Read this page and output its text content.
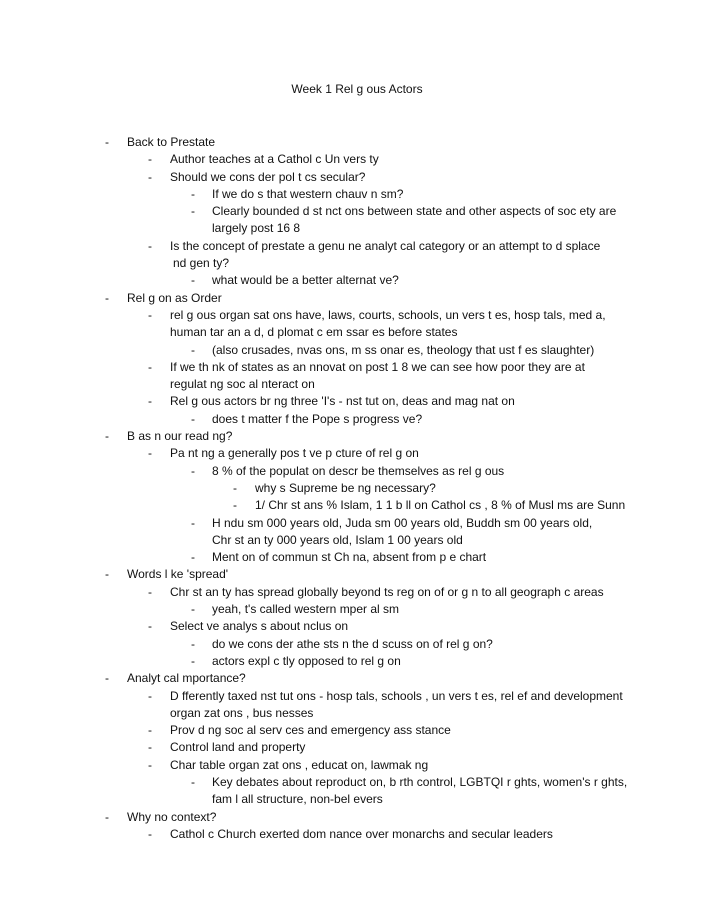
Week 1 Rel g ous Actors
-	Back to Prestate
-	Author teaches at a Cathol c Un vers ty
-	Should we cons der pol t cs secular?
-	If we do s that western chauv n sm?
-	Clearly bounded d st nct ons between state and other aspects of soc ety are
largely post 16 8
-	Is the concept of prestate a genu ne analyt cal category or an attempt to d splace
nd gen ty?
-	what would be a better alternat ve?
-	Rel g on as Order
-	rel g ous organ sat ons have, laws, courts, schools, un vers t es, hosp tals, med a,
human tar an a d, d plomat c em ssar es before states
-	(also crusades, nvas ons, m ss onar es, theology that ust f es slaughter)
-	If we th nk of states as an nnovat on post 1 8 we can see how poor they are at
regulat ng soc al nteract on
-	Rel g ous actors br ng three 'I's - nst tut on, deas and mag nat on
-	does t matter f the Pope s progress ve?
-	B as n our read ng?
-	Pa nt ng a generally pos t ve p cture of rel g on
-	8 % of the populat on descr be themselves as rel g ous
-	why s Supreme be ng necessary?
-	1/ Chr st ans % Islam, 1 1 b ll on Cathol cs , 8 % of Musl ms are Sunn
-	H ndu sm 000 years old, Juda sm 00 years old, Buddh sm 00 years old,
Chr st an ty 000 years old, Islam 1 00 years old
-	Ment on of commun st Ch na, absent from p e chart
-	Words l ke 'spread'
-	Chr st an ty has spread globally beyond ts reg on of or g n to all geograph c areas
-	yeah, t's called western mper al sm
-	Select ve analys s about nclus on
-	do we cons der athe sts n the d scuss on of rel g on?
-	actors expl c tly opposed to rel g on
-	Analyt cal mportance?
-	D fferently taxed nst tut ons - hosp tals, schools , un vers t es, rel ef and development
organ zat ons , bus nesses
-	Prov d ng soc al serv ces and emergency ass stance
-	Control land and property
-	Char table organ zat ons , educat on, lawmak ng
-	Key debates about reproduct on, b rth control, LGBTQI r ghts, women's r ghts,
fam l all structure, non-bel evers
-	Why no context?
-	Cathol c Church exerted dom nance over monarchs and secular leaders
